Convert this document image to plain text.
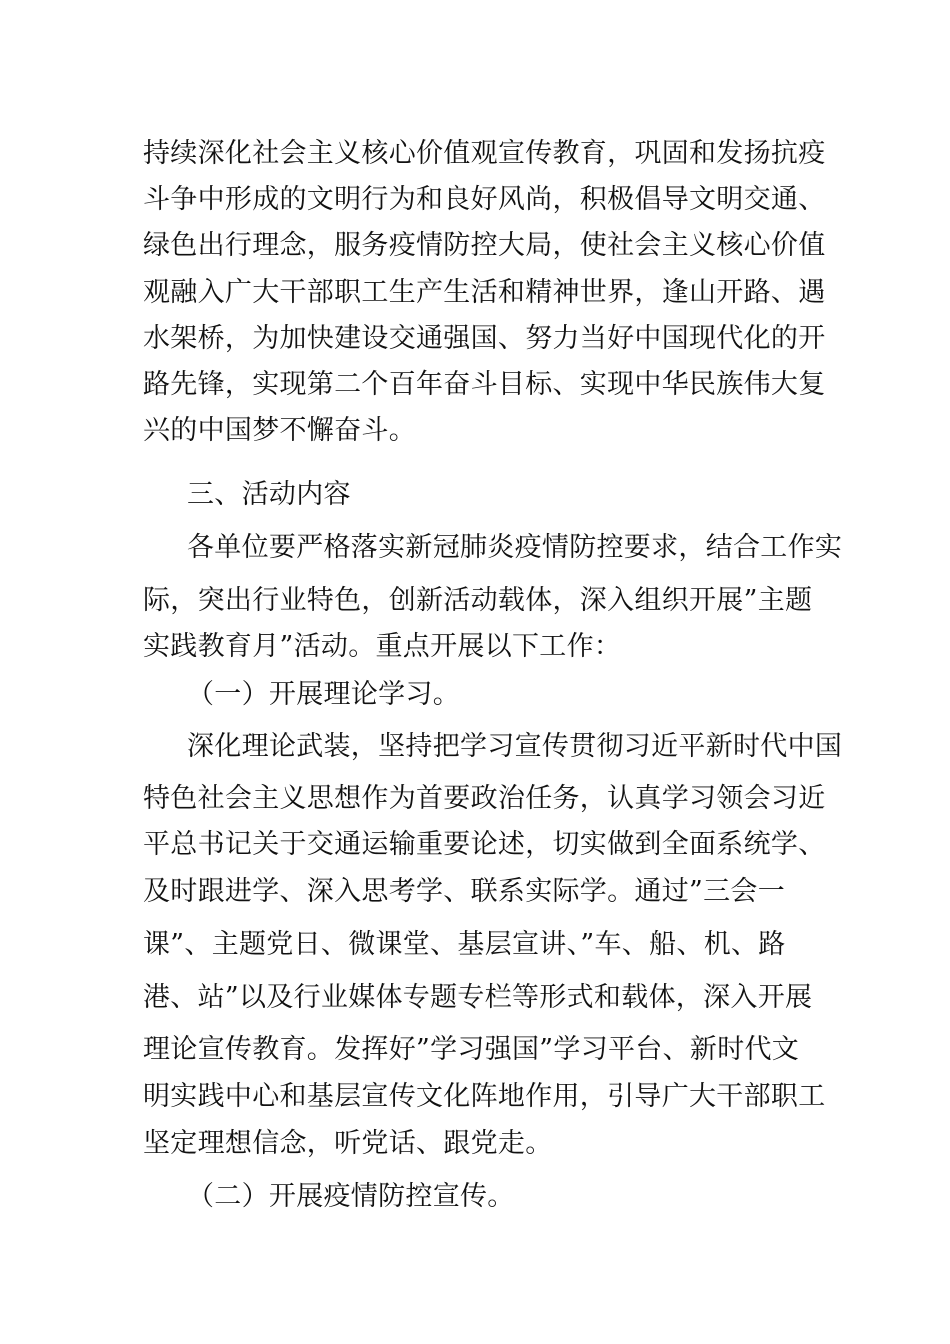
持续深化社会主义核心价值观宣传教育，巩固和发扬抗疫
斗争中形成的文明行为和良好风尚，积极倡导文明交通、
绿色出行理念，服务疫情防控大局，使社会主义核心价值
观融入广大干部职工生产生活和精神世界，逢山开路、遇
水架桥，为加快建设交通强国、努力当好中国现代化的开
路先锋，实现第二个百年奋斗目标、实现中华民族伟大复
兴的中国梦不懈奋斗。
三、活动内容
各单位要严格落实新冠肺炎疫情防控要求，结合工作实
际，突出行业特色，创新活动载体，深入组织开展”主题
实践教育月”活动。重点开展以下工作：
（一）开展理论学习。
深化理论武装，坚持把学习宣传贯彻习近平新时代中国
特色社会主义思想作为首要政治任务，认真学习领会习近
平总书记关于交通运输重要论述，切实做到全面系统学、
及时跟进学、深入思考学、联系实际学。通过”三会一
课”、主题党日、微课堂、基层宣讲、”车、船、机、路
港、站”以及行业媒体专题专栏等形式和载体，深入开展
理论宣传教育。发挥好”学习强国”学习平台、新时代文
明实践中心和基层宣传文化阵地作用，引导广大干部职工
坚定理想信念，听党话、跟党走。
（二）开展疫情防控宣传。
